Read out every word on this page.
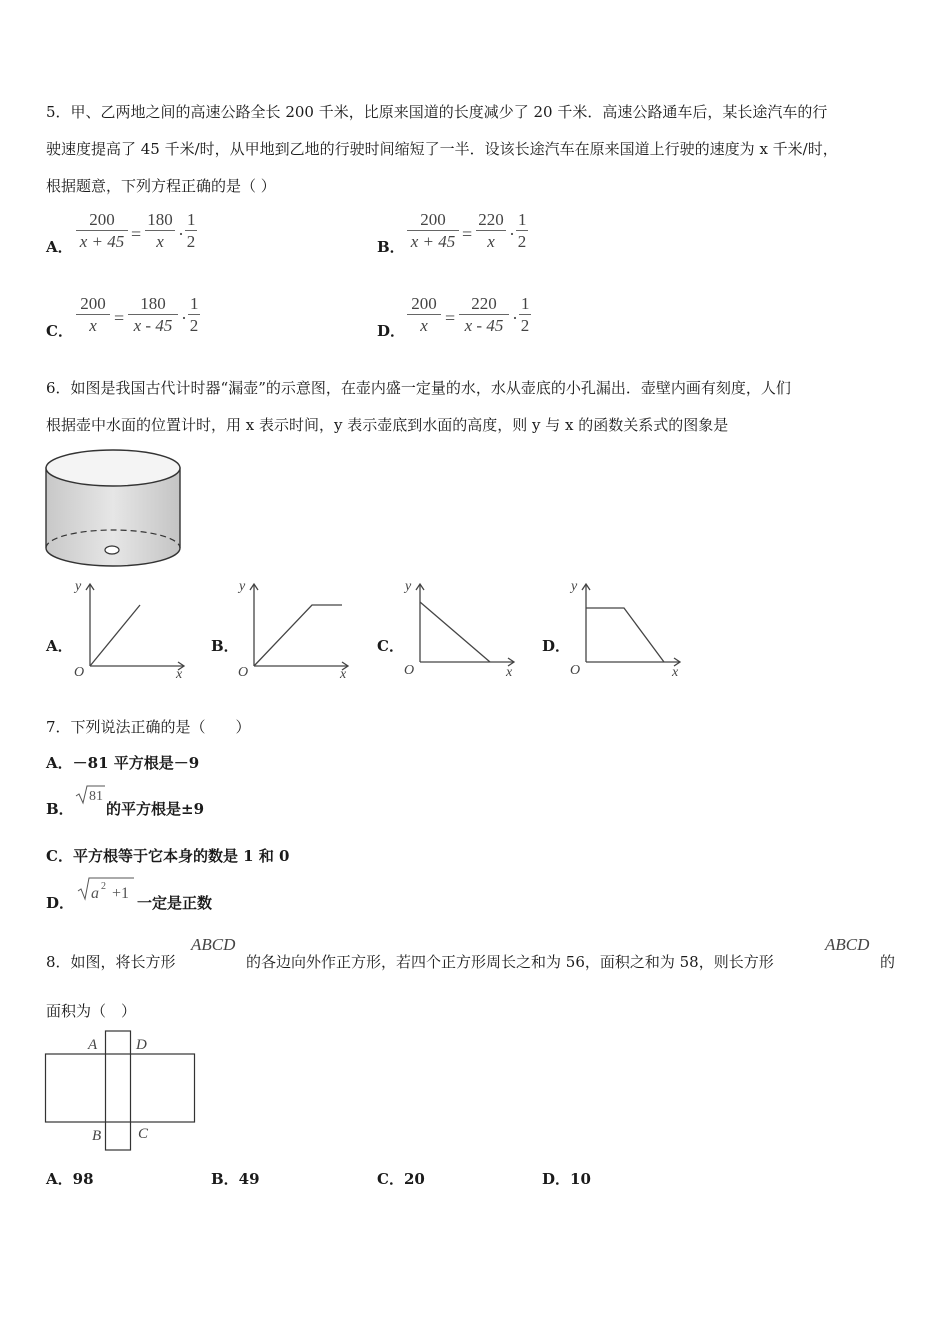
5．甲、乙两地之间的高速公路全长 200 千米，比原来国道的长度减少了 20 千米．高速公路通车后，某长途汽车的行
驶速度提高了 45 千米/时，从甲地到乙地的行驶时间缩短了一半．设该长途汽车在原来国道上行驶的速度为 x 千米/时，
根据题意，下列方程正确的是（ ）
A． $\frac{200}{x + 45} = \frac{180}{x} \cdot \frac{1}{2}$	B． $\frac{200}{x + 45} = \frac{220}{x} \cdot \frac{1}{2}$
C． $\frac{200}{x} = \frac{180}{x - 45} \cdot \frac{1}{2}$	D． $\frac{200}{x} = \frac{220}{x - 45} \cdot \frac{1}{2}$
6．如图是我国古代计时器“漏壶”的示意图，在壶内盛一定量的水，水从壶底的小孔漏出．壶壁内画有刻度，人们
根据壶中水面的位置计时，用 x 表示时间，y 表示壶底到水面的高度，则 y 与 x 的函数关系式的图象是
A．
y
x
O
B．
y
x
O
C．
y
x
O
D．
y
x
O
7．下列说法正确的是（　　）
A．－81 平方根是－9
B．
81
的平方根是±9
C．平方根等于它本身的数是 1 和 0
D．
a 2 +1
一定是正数
8．如图，将长方形
ABCD
的各边向外作正方形，若四个正方形周长之和为 56，面积之和为 58，则长方形
ABCD
的
面积为（　）
A	D
B C
A．98	B．49	C．20	D．10
